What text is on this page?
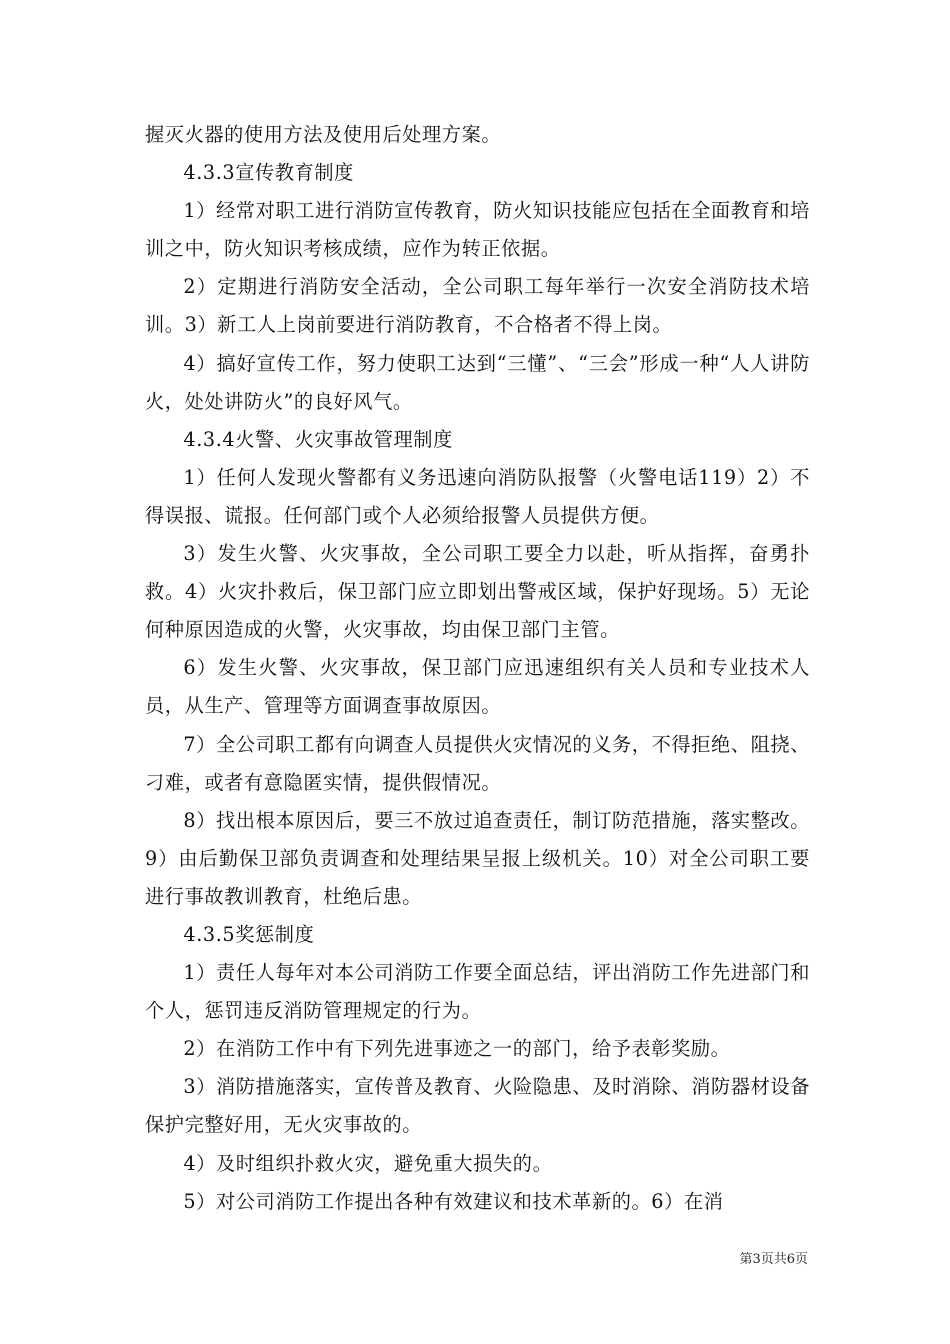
握灭火器的使用方法及使用后处理方案。

4.3.3宣传教育制度

1）经常对职工进行消防宣传教育，防火知识技能应包括在全面教育和培训之中，防火知识考核成绩，应作为转正依据。

2）定期进行消防安全活动，全公司职工每年举行一次安全消防技术培训。3）新工人上岗前要进行消防教育，不合格者不得上岗。

4）搞好宣传工作，努力使职工达到“三懂”、“三会”形成一种“人人讲防火，处处讲防火”的良好风气。

4.3.4火警、火灾事故管理制度

1）任何人发现火警都有义务迅速向消防队报警（火警电话119）2）不得误报、谎报。任何部门或个人必须给报警人员提供方便。

3）发生火警、火灾事故，全公司职工要全力以赴，听从指挥，奋勇扑救。4）火灾扑救后，保卫部门应立即划出警戒区域，保护好现场。5）无论何种原因造成的火警，火灾事故，均由保卫部门主管。

6）发生火警、火灾事故，保卫部门应迅速组织有关人员和专业技术人员，从生产、管理等方面调查事故原因。

7）全公司职工都有向调查人员提供火灾情况的义务，不得拒绝、阻挠、刁难，或者有意隐匿实情，提供假情况。

8）找出根本原因后，要三不放过追查责任，制订防范措施，落实整改。9）由后勤保卫部负责调查和处理结果呈报上级机关。10）对全公司职工要进行事故教训教育，杜绝后患。

4.3.5奖惩制度

1）责任人每年对本公司消防工作要全面总结，评出消防工作先进部门和个人，惩罚违反消防管理规定的行为。

2）在消防工作中有下列先进事迹之一的部门，给予表彰奖励。

3）消防措施落实，宣传普及教育、火险隐患、及时消除、消防器材设备保护完整好用，无火灾事故的。

4）及时组织扑救火灾，避免重大损失的。

5）对公司消防工作提出各种有效建议和技术革新的。6）在消

第3页共6页
